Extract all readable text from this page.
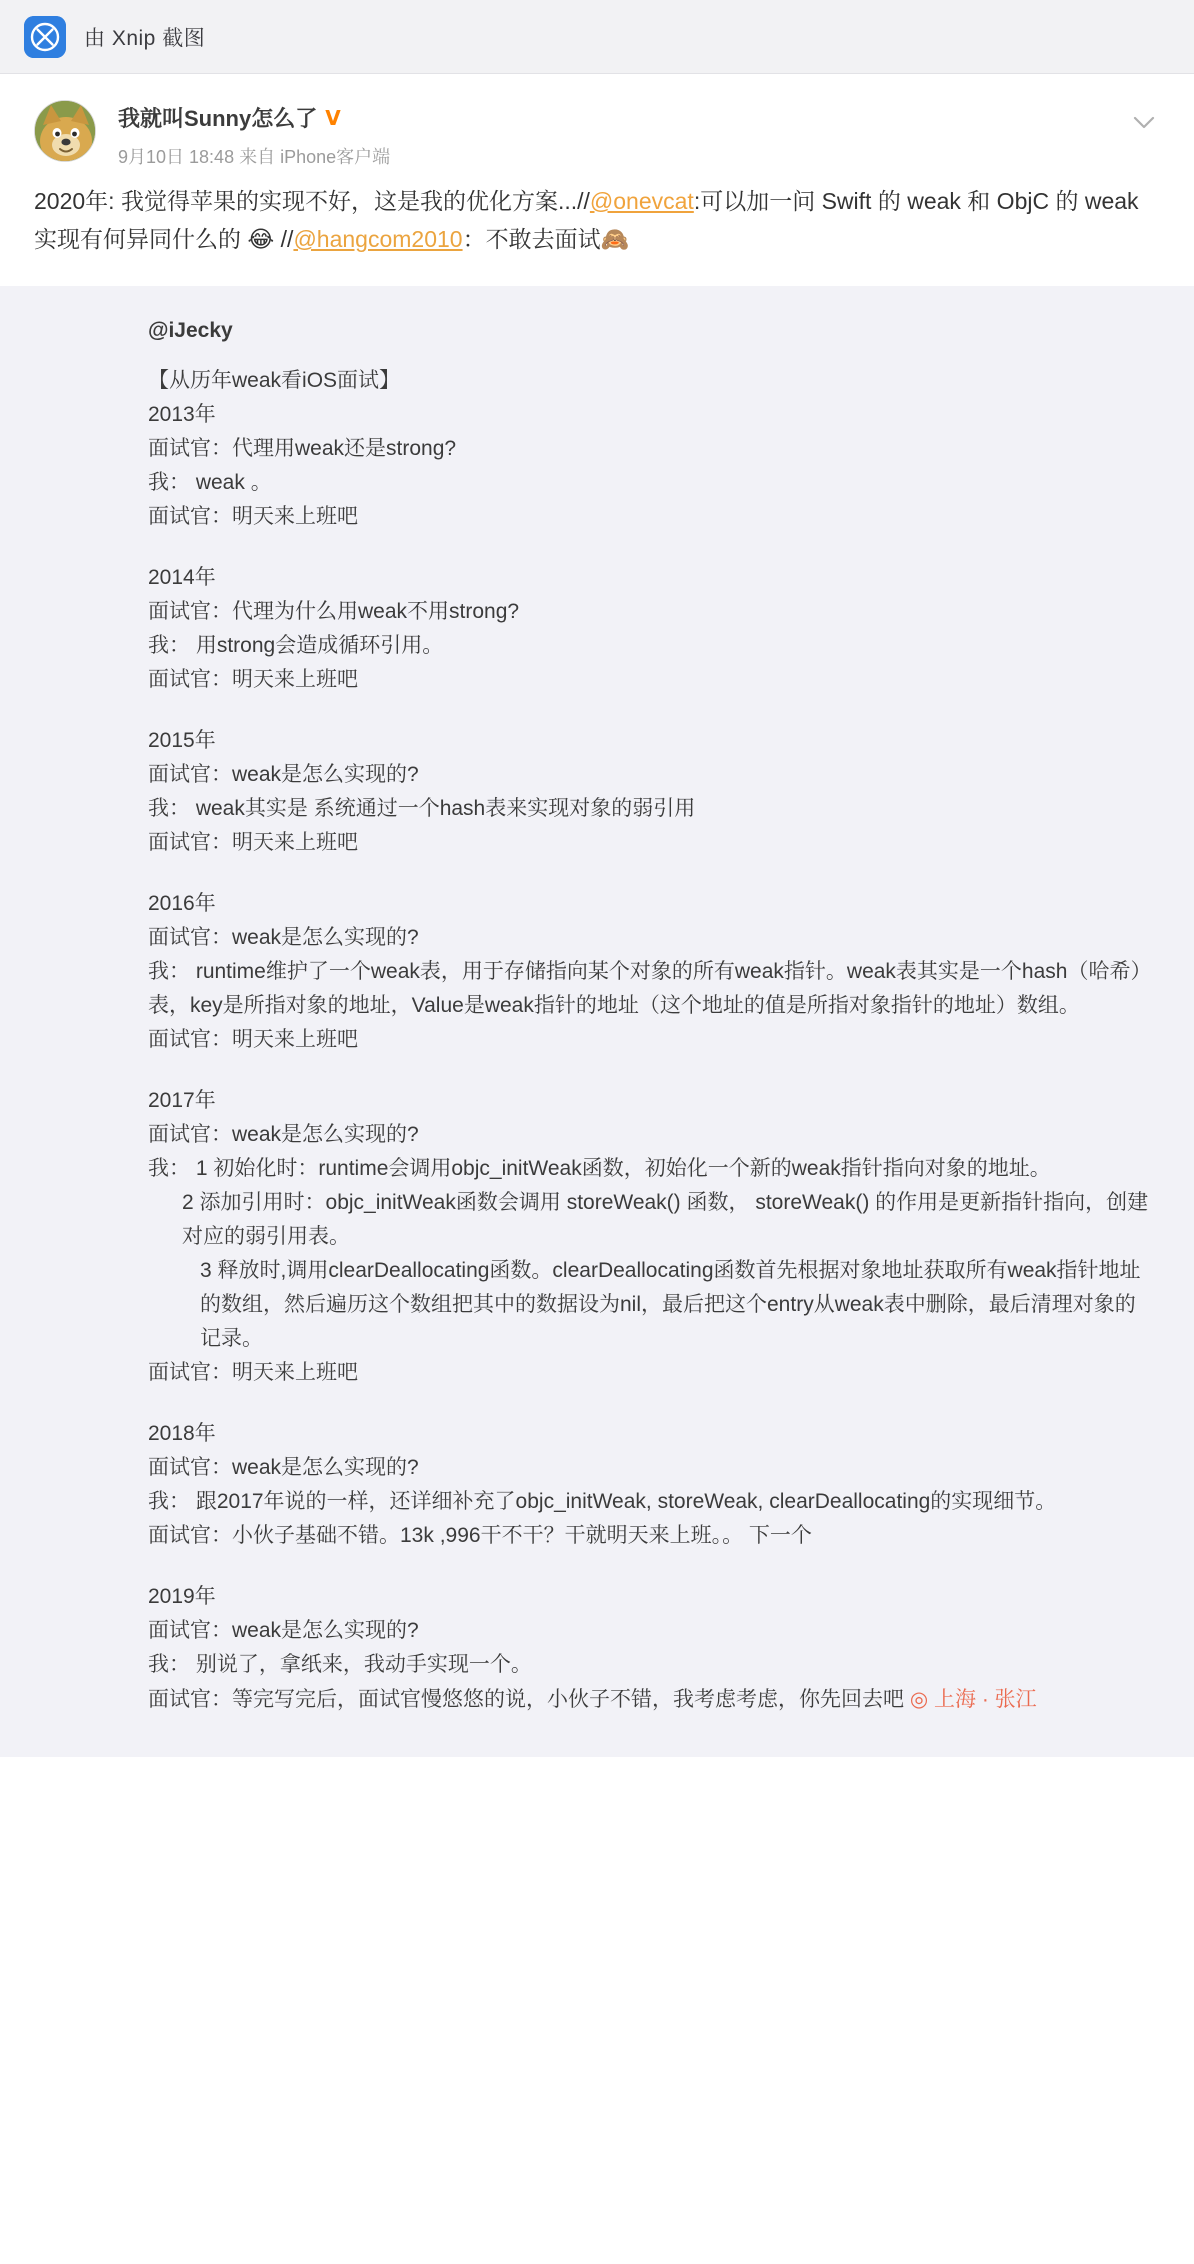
由 Xnip 截图
我就叫Sunny怎么了 V
9月10日 18:48 来自 iPhone客户端
2020年: 我觉得苹果的实现不好，这是我的优化方案...//@onevcat:可以加一问 Swift 的 weak 和 ObjC 的 weak 实现有何异同什么的 😂 //@hangcom2010：不敢去面试🙈
@iJecky

【从历年weak看iOS面试】

2013年

面试官：代理用weak还是strong?

我： weak 。

面试官：明天来上班吧

2014年

面试官：代理为什么用weak不用strong?

我： 用strong会造成循环引用。

面试官：明天来上班吧

2015年

面试官：weak是怎么实现的?

我： weak其实是 系统通过一个hash表来实现对象的弱引用

面试官：明天来上班吧

2016年

面试官：weak是怎么实现的?

我： runtime维护了一个weak表，用于存储指向某个对象的所有weak指针。weak表其实是一个hash（哈希）表，key是所指对象的地址，Value是weak指针的地址（这个地址的值是所指对象指针的地址）数组。

面试官：明天来上班吧

2017年

面试官：weak是怎么实现的?

我： 1 初始化时：runtime会调用objc_initWeak函数，初始化一个新的weak指针指向对象的地址。

2 添加引用时：objc_initWeak函数会调用 storeWeak() 函数， storeWeak() 的作用是更新指针指向，创建对应的弱引用表。

3 释放时,调用clearDeallocating函数。clearDeallocating函数首先根据对象地址获取所有weak指针地址的数组，然后遍历这个数组把其中的数据设为nil，最后把这个entry从weak表中删除，最后清理对象的记录。

面试官：明天来上班吧

2018年

面试官：weak是怎么实现的?

我： 跟2017年说的一样，还详细补充了objc_initWeak, storeWeak, clearDeallocating的实现细节。

面试官：小伙子基础不错。13k ,996干不干？干就明天来上班。。 下一个

2019年

面试官：weak是怎么实现的?

我： 别说了，拿纸来，我动手实现一个。

面试官：等完写完后，面试官慢悠悠的说，小伙子不错，我考虑考虑，你先回去吧 ◎ 上海 · 张江
